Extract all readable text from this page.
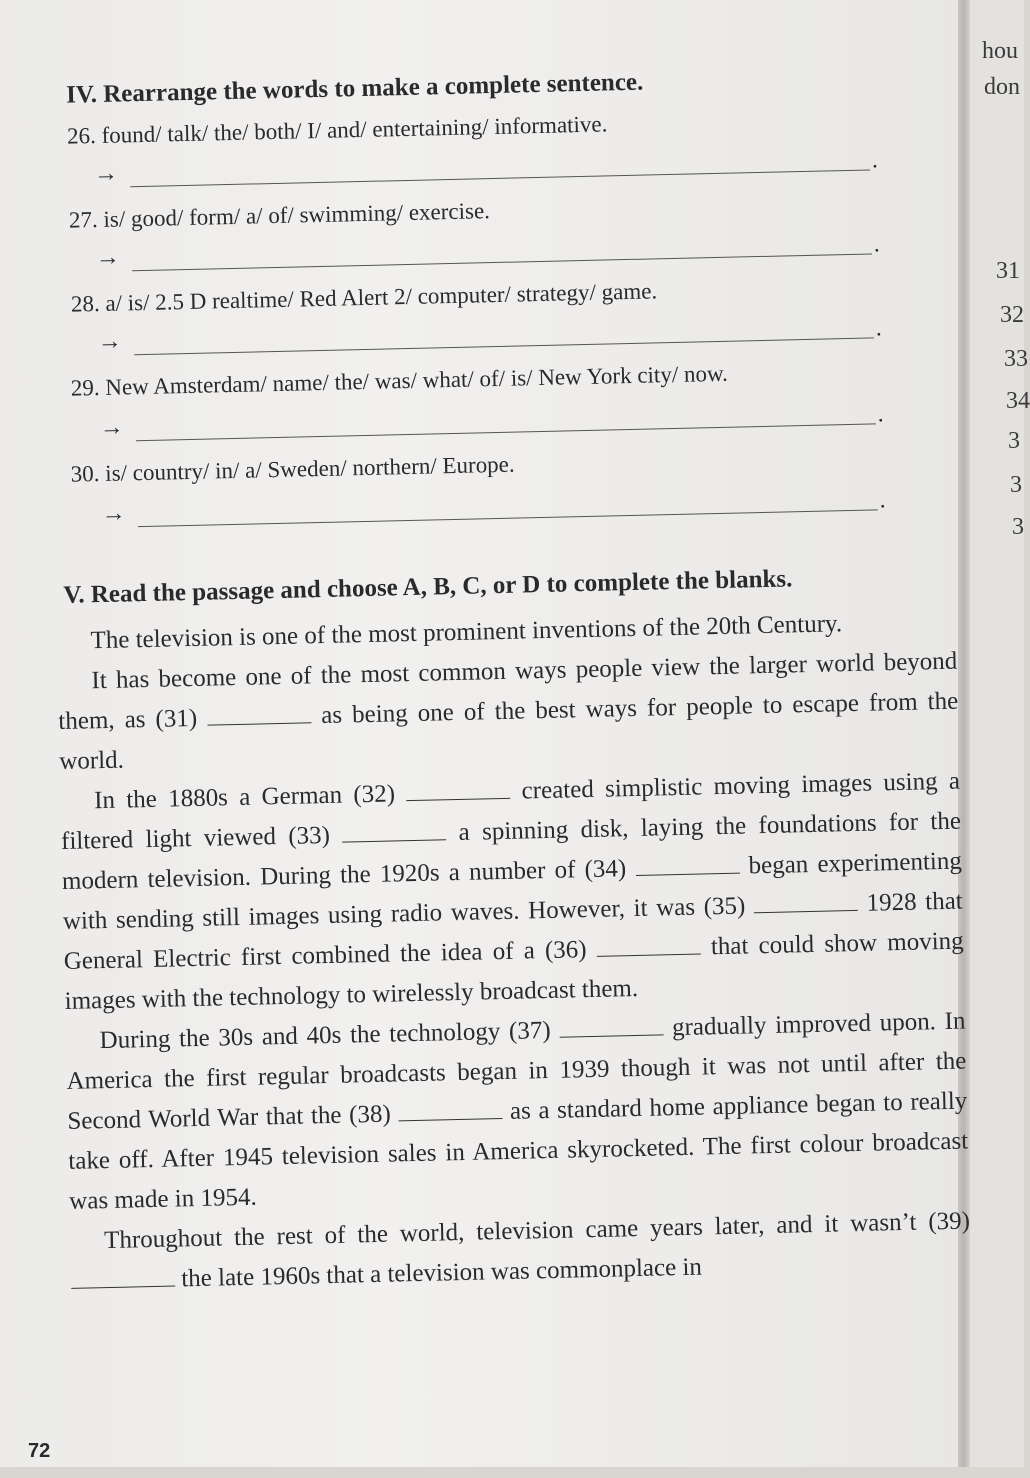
hou
don
31
32
33
34
3
3
3
IV. Rearrange the words to make a complete sentence.
26. found/ talk/ the/ both/ I/ and/ entertaining/ informative.
→
.
27. is/ good/ form/ a/ of/ swimming/ exercise.
→
.
28. a/ is/ 2.5 D realtime/ Red Alert 2/ computer/ strategy/ game.
→
.
29. New Amsterdam/ name/ the/ was/ what/ of/ is/ New York city/ now.
→
.
30. is/ country/ in/ a/ Sweden/ northern/ Europe.
→
.
V. Read the passage and choose A, B, C, or D to complete the blanks.

The television is one of the most prominent inventions of the 20th Century.

It has become one of the most common ways people view the larger world beyond them, as (31)	as being one of the best ways for people to escape from the world.

In the 1880s a German (32)	created simplistic moving images using a filtered light viewed (33)	a spinning disk, laying the foundations for the modern television. During the 1920s a number of (34)	began experimenting with sending still images using radio waves. However, it was (35)	1928 that General Electric first combined the idea of a (36)	that could show moving images with the technology to wirelessly broadcast them.

During the 30s and 40s the technology (37)	gradually improved upon. In America the first regular broadcasts began in 1939 though it was not until after the Second World War that the (38)	as a standard home appliance began to really take off. After 1945 television sales in America skyrocketed. The first colour broadcast was made in 1954.

Throughout the rest of the world, television came years later, and it wasn’t (39)  the late 1960s that a television was commonplace in

72
